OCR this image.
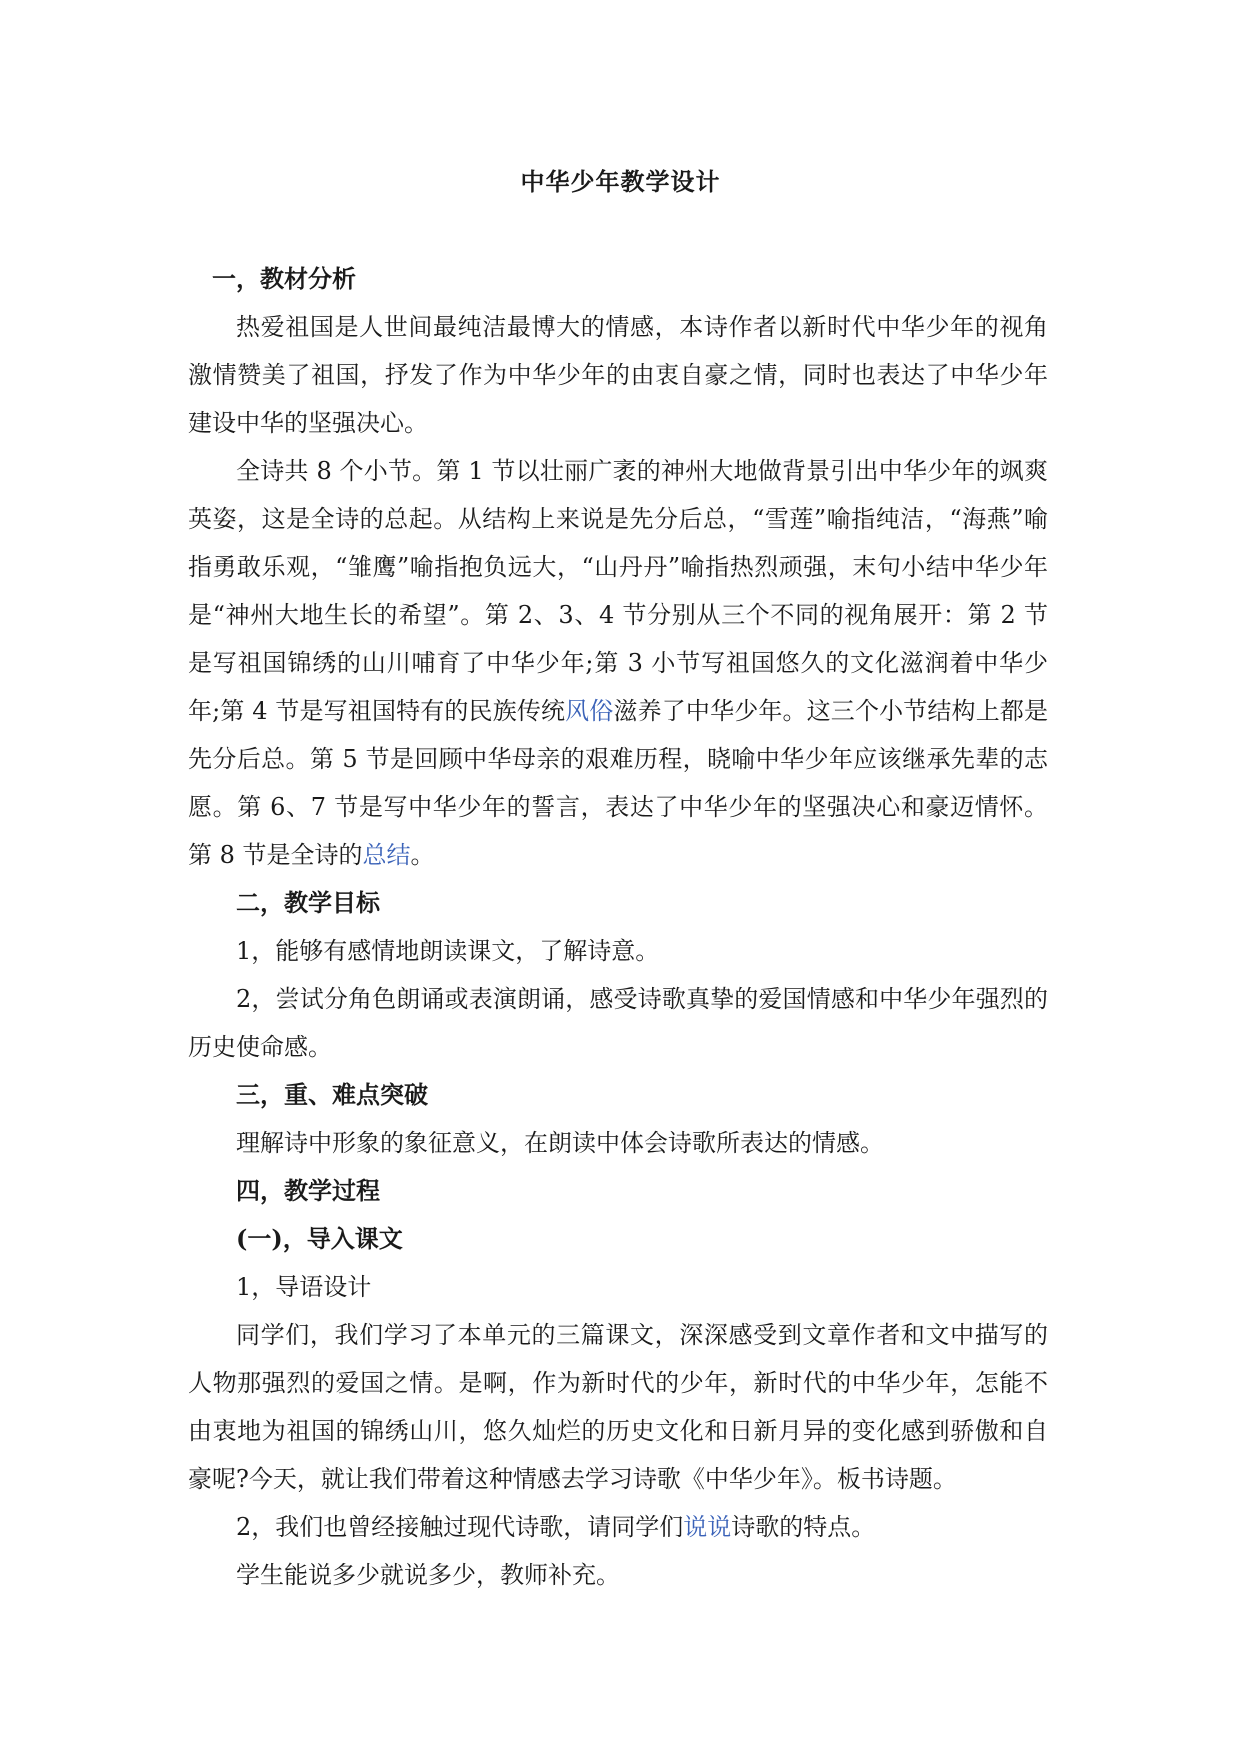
中华少年教学设计

一，教材分析

热爱祖国是人世间最纯洁最博大的情感，本诗作者以新时代中华少年的视角激情赞美了祖国，抒发了作为中华少年的由衷自豪之情，同时也表达了中华少年建设中华的坚强决心。

全诗共 8 个小节。第 1 节以壮丽广袤的神州大地做背景引出中华少年的飒爽英姿，这是全诗的总起。从结构上来说是先分后总，“雪莲”喻指纯洁，“海燕”喻指勇敢乐观，“雏鹰”喻指抱负远大，“山丹丹”喻指热烈顽强，末句小结中华少年是“神州大地生长的希望”。第 2、3、4 节分别从三个不同的视角展开：第 2 节是写祖国锦绣的山川哺育了中华少年;第 3 小节写祖国悠久的文化滋润着中华少年;第 4 节是写祖国特有的民族传统风俗滋养了中华少年。这三个小节结构上都是先分后总。第 5 节是回顾中华母亲的艰难历程，晓喻中华少年应该继承先辈的志愿。第 6、7 节是写中华少年的誓言，表达了中华少年的坚强决心和豪迈情怀。第 8 节是全诗的总结。

二，教学目标

1，能够有感情地朗读课文，了解诗意。

2，尝试分角色朗诵或表演朗诵，感受诗歌真挚的爱国情感和中华少年强烈的历史使命感。

三，重、难点突破

理解诗中形象的象征意义，在朗读中体会诗歌所表达的情感。

四，教学过程

(一)，导入课文

1，导语设计

同学们，我们学习了本单元的三篇课文，深深感受到文章作者和文中描写的人物那强烈的爱国之情。是啊，作为新时代的少年，新时代的中华少年，怎能不由衷地为祖国的锦绣山川，悠久灿烂的历史文化和日新月异的变化感到骄傲和自豪呢?今天，就让我们带着这种情感去学习诗歌《中华少年》。板书诗题。

2，我们也曾经接触过现代诗歌，请同学们说说诗歌的特点。

学生能说多少就说多少，教师补充。
